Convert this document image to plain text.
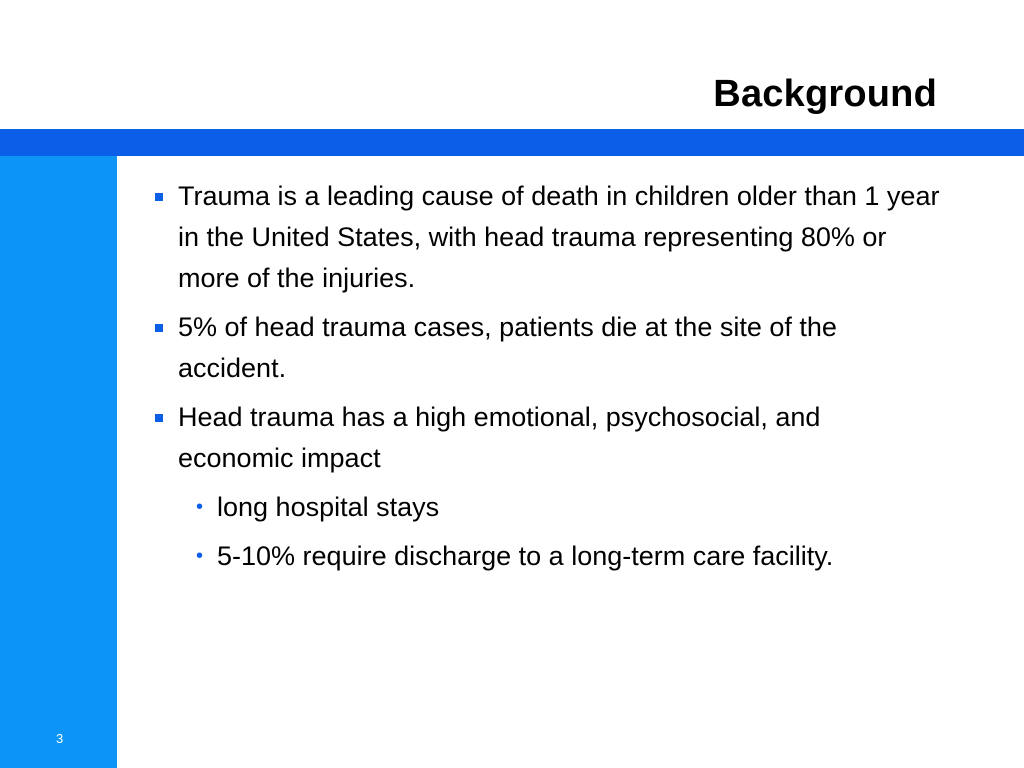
Background
3
Trauma is a leading cause of death in children older than 1 year in the United States, with head trauma representing 80% or more of the injuries.
5% of head trauma cases, patients die at the site of the accident.
Head trauma has a high emotional, psychosocial, and economic impact
• long hospital stays
• 5-10% require discharge to a long-term care facility.
